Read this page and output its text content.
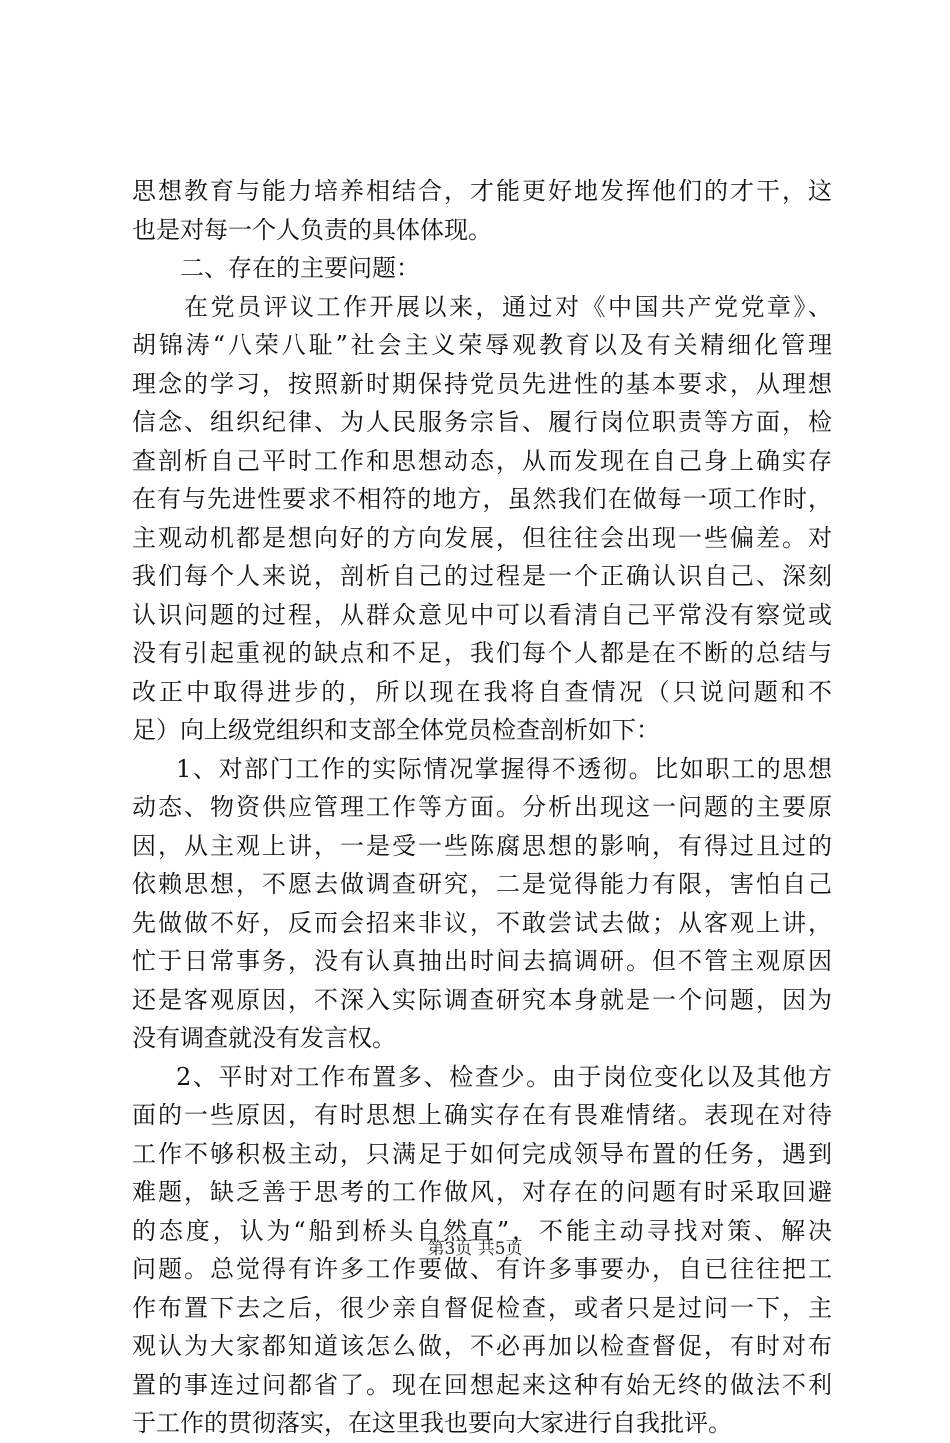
思想教育与能力培养相结合，才能更好地发挥他们的才干，这
也是对每一个人负责的具体体现。
二、存在的主要问题：
在党员评议工作开展以来，通过对《中国共产党党章》、
胡锦涛“八荣八耻”社会主义荣辱观教育以及有关精细化管理
理念的学习，按照新时期保持党员先进性的基本要求，从理想
信念、组织纪律、为人民服务宗旨、履行岗位职责等方面，检
查剖析自己平时工作和思想动态，从而发现在自己身上确实存
在有与先进性要求不相符的地方，虽然我们在做每一项工作时，
主观动机都是想向好的方向发展，但往往会出现一些偏差。对
我们每个人来说，剖析自己的过程是一个正确认识自己、深刻
认识问题的过程，从群众意见中可以看清自己平常没有察觉或
没有引起重视的缺点和不足，我们每个人都是在不断的总结与
改正中取得进步的，所以现在我将自查情况（只说问题和不
足）向上级党组织和支部全体党员检查剖析如下：
1、对部门工作的实际情况掌握得不透彻。比如职工的思想
动态、物资供应管理工作等方面。分析出现这一问题的主要原
因，从主观上讲，一是受一些陈腐思想的影响，有得过且过的
依赖思想，不愿去做调查研究，二是觉得能力有限，害怕自己
先做做不好，反而会招来非议，不敢尝试去做；从客观上讲，
忙于日常事务，没有认真抽出时间去搞调研。但不管主观原因
还是客观原因，不深入实际调查研究本身就是一个问题，因为
没有调查就没有发言权。
2、平时对工作布置多、检查少。由于岗位变化以及其他方
面的一些原因，有时思想上确实存在有畏难情绪。表现在对待
工作不够积极主动，只满足于如何完成领导布置的任务，遇到
难题，缺乏善于思考的工作做风，对存在的问题有时采取回避
的态度，认为“船到桥头自然直”，不能主动寻找对策、解决
问题。总觉得有许多工作要做、有许多事要办，自已往往把工
作布置下去之后，很少亲自督促检查，或者只是过问一下，主
观认为大家都知道该怎么做，不必再加以检查督促，有时对布
置的事连过问都省了。现在回想起来这种有始无终的做法不利
于工作的贯彻落实，在这里我也要向大家进行自我批评。
第3页 共5页
